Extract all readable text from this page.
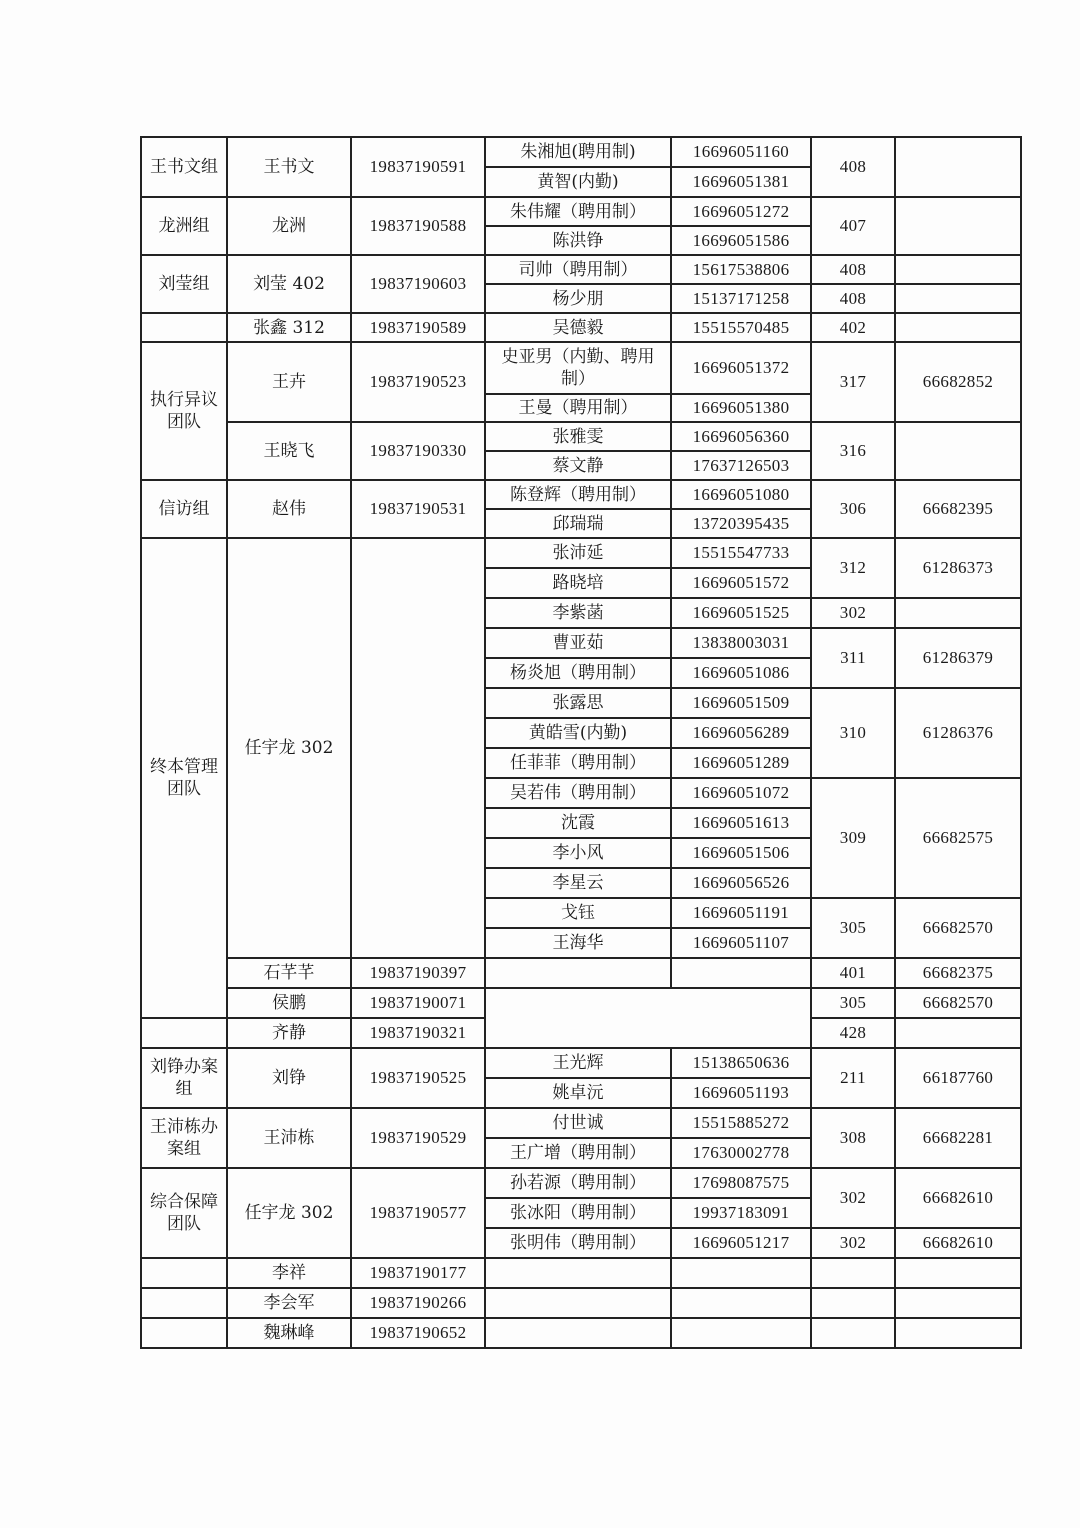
王书文组	王书文	19837190591	朱湘旭(聘用制)	16696051160	408	
			黄智(内勤)	16696051381		
龙洲组	龙洲	19837190588	朱伟耀（聘用制）	16696051272	407	
			陈洪铮	16696051586		
刘莹组	刘莹 402	19837190603	司帅（聘用制）	15617538806	408	
			杨少朋	15137171258	408	
	张鑫 312	19837190589	吴德毅	15515570485	402	
执行异议团队	王卉	19837190523	史亚男（内勤、聘用制）	16696051372	317	66682852
			王曼（聘用制）	16696051380		
	王晓飞	19837190330	张雅雯	16696056360	316	
			蔡文静	17637126503		
信访组	赵伟	19837190531	陈登辉（聘用制）	16696051080	306	66682395
			邱瑞瑞	13720395435		
终本管理团队	任宇龙 302		张沛延	15515547733	312	61286373
			路晓培	16696051572		
			李紫菡	16696051525	302	
			曹亚茹	13838003031	311	61286379
			杨炎旭（聘用制）	16696051086		
			张露思	16696051509	310	61286376
			黄皓雪(内勤)	16696056289		
			任菲菲（聘用制）	16696051289		
			吴若伟（聘用制）	16696051072	309	66682575
			沈霞	16696051613		
			李小风	16696051506		
			李星云	16696056526		
			戈钰	16696051191	305	66682570
			王海华	16696051107		
	石芊芊	19837190397			401	66682375
	侯鹏	19837190071			305	66682570
	齐静	19837190321			428	
刘铮办案组	刘铮	19837190525	王光辉	15138650636	211	66187760
			姚卓沅	16696051193		
王沛栋办案组	王沛栋	19837190529	付世诚	15515885272	308	66682281
			王广增（聘用制）	17630002778		
综合保障团队	任宇龙 302	19837190577	孙若源（聘用制）	17698087575	302	66682610
			张冰阳（聘用制）	19937183091		
			张明伟（聘用制）	16696051217	302	66682610
	李祥	19837190177				
	李会军	19837190266				
	魏琳峰	19837190652				
